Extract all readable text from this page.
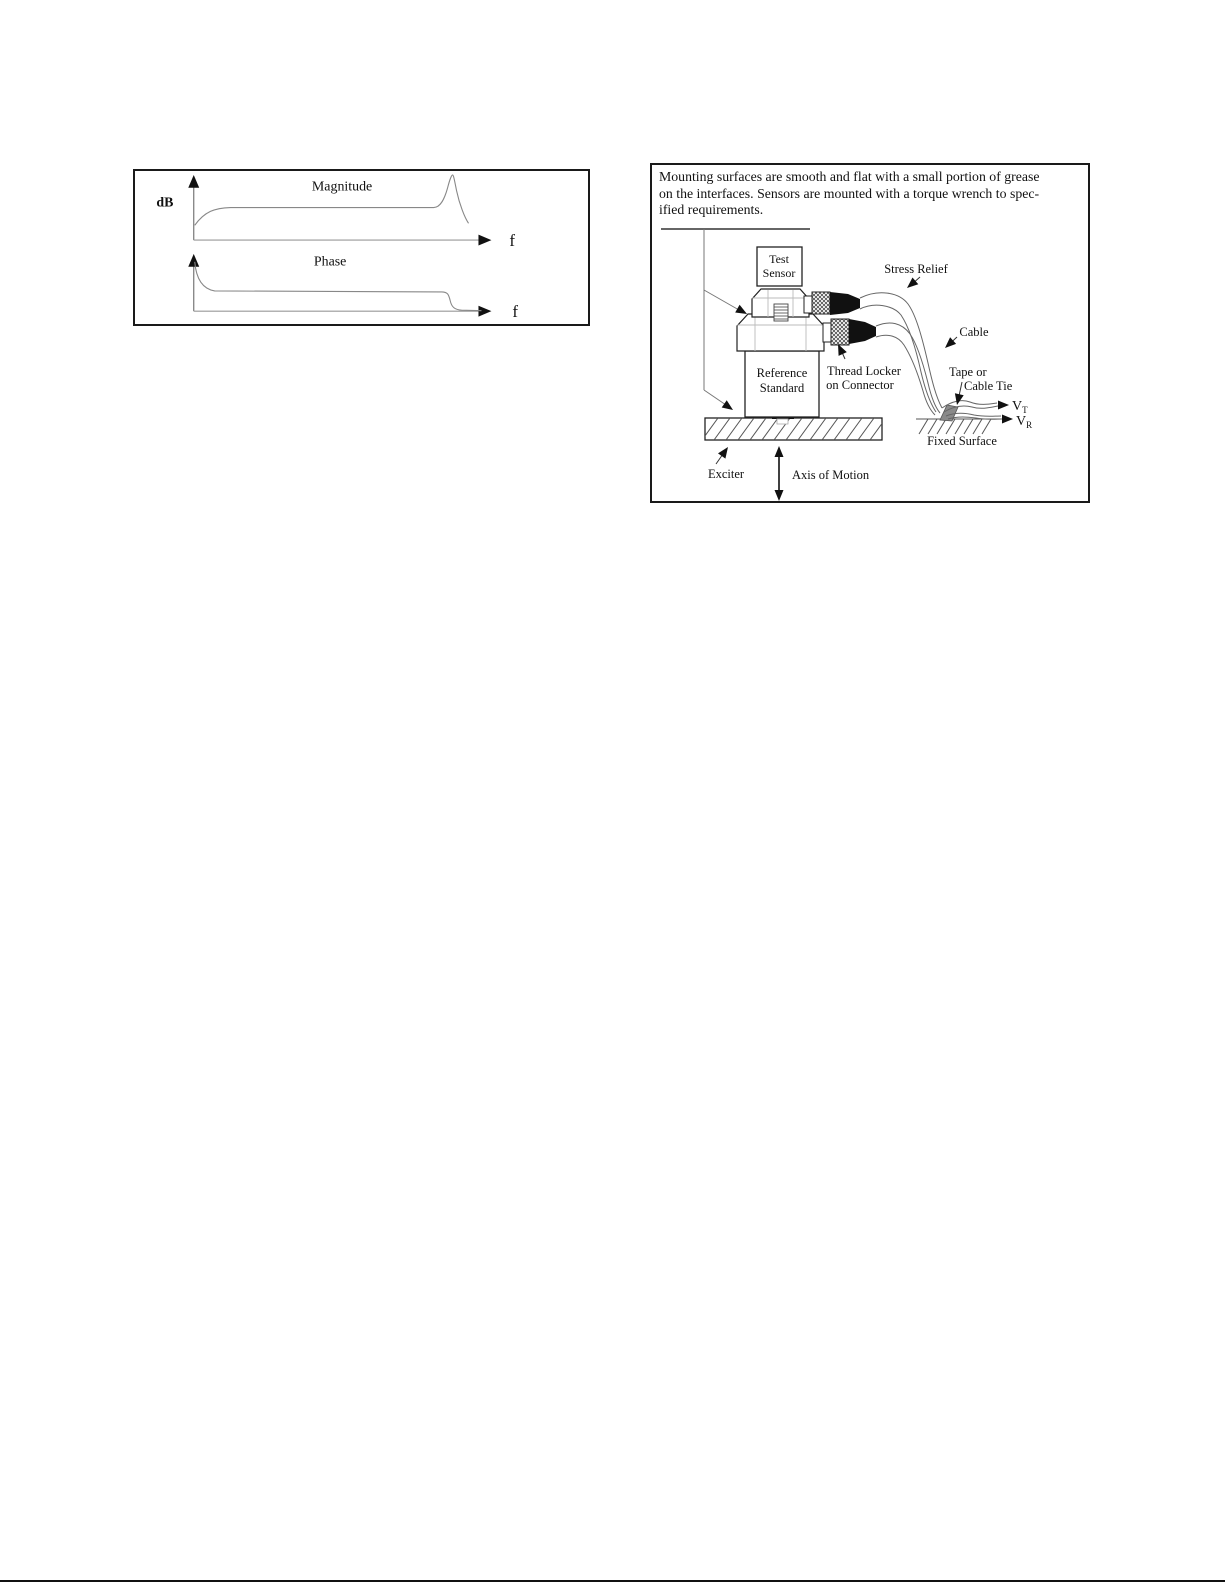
Magnitude
dB
f
Phase
f
Mounting surfaces are smooth and flat with a small portion of grease
on the interfaces. Sensors are mounted with a torque wrench to spec-
ified requirements.
Reference
Standard
Test
Sensor
Fixed Surface
$V_T$
$V_R$
Stress Relief
Cable
Thread Locker
on Connector
Tape or
Cable Tie
Exciter	Axis of Motion
